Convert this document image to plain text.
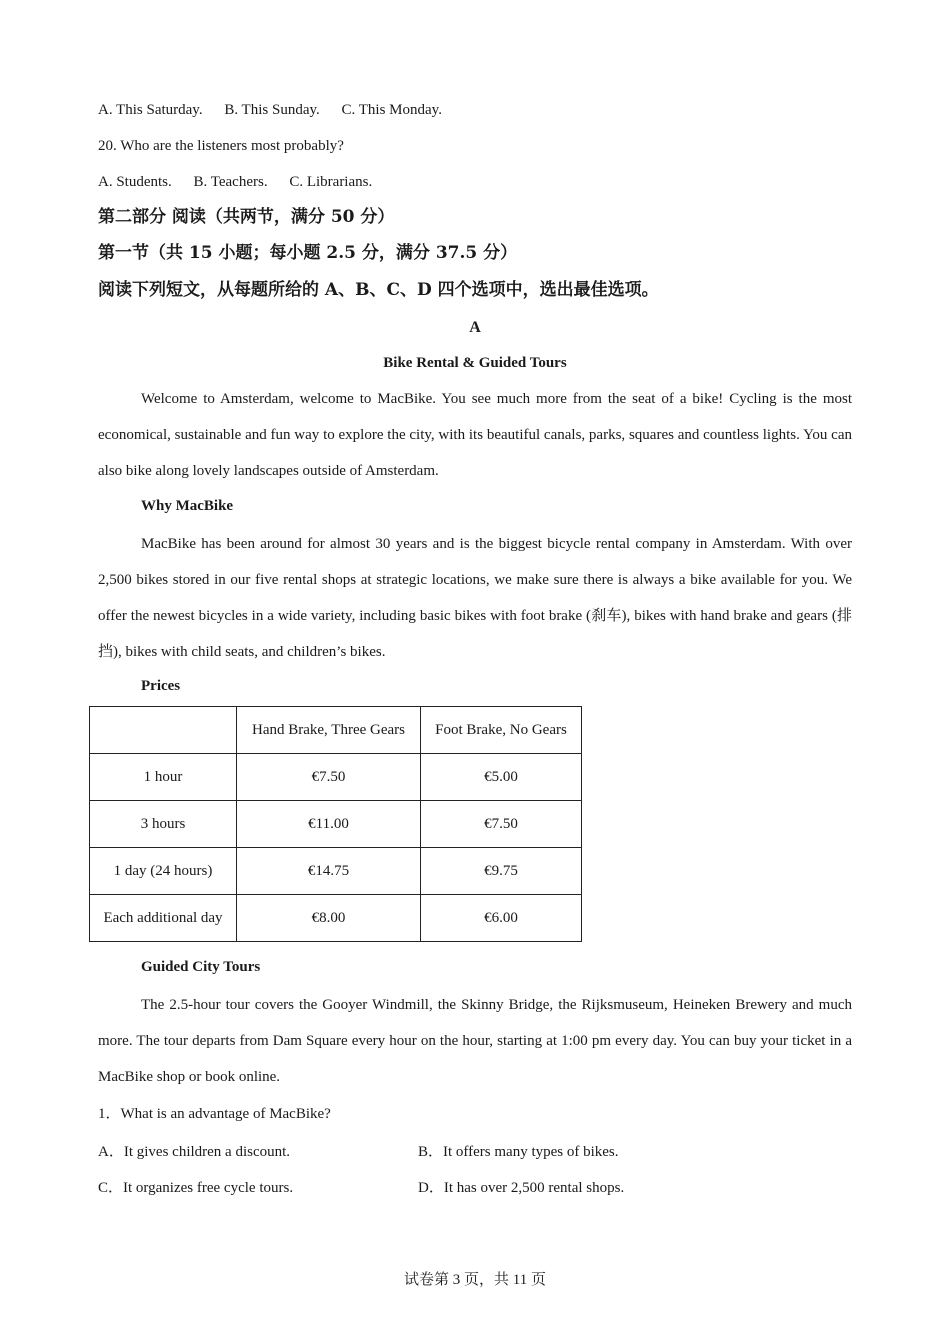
A. This Saturday. B. This Sunday. C. This Monday.
20. Who are the listeners most probably?
A. Students. B. Teachers. C. Librarians.
第二部分 阅读（共两节，满分 50 分）
第一节（共 15 小题；每小题 2.5 分，满分 37.5 分）
阅读下列短文，从每题所给的 A、B、C、D 四个选项中，选出最佳选项。
A
Bike Rental & Guided Tours
Welcome to Amsterdam, welcome to MacBike. You see much more from the seat of a bike! Cycling is the most economical, sustainable and fun way to explore the city, with its beautiful canals, parks, squares and countless lights. You can also bike along lovely landscapes outside of Amsterdam.
Why MacBike
MacBike has been around for almost 30 years and is the biggest bicycle rental company in Amsterdam. With over 2,500 bikes stored in our five rental shops at strategic locations, we make sure there is always a bike available for you. We offer the newest bicycles in a wide variety, including basic bikes with foot brake (刹车), bikes with hand brake and gears (排挡), bikes with child seats, and children’s bikes.
Prices
	Hand Brake, Three Gears	Foot Brake, No Gears
1 hour	€7.50	€5.00
3 hours	€11.00	€7.50
1 day (24 hours)	€14.75	€9.75
Each additional day	€8.00	€6.00
Guided City Tours
The 2.5-hour tour covers the Gooyer Windmill, the Skinny Bridge, the Rijksmuseum, Heineken Brewery and much more. The tour departs from Dam Square every hour on the hour, starting at 1:00 pm every day. You can buy your ticket in a MacBike shop or book online.
1．What is an advantage of MacBike?
A．It gives children a discount.	B．It offers many types of bikes.
C．It organizes free cycle tours.	D．It has over 2,500 rental shops.
试卷第 3 页，共 11 页
